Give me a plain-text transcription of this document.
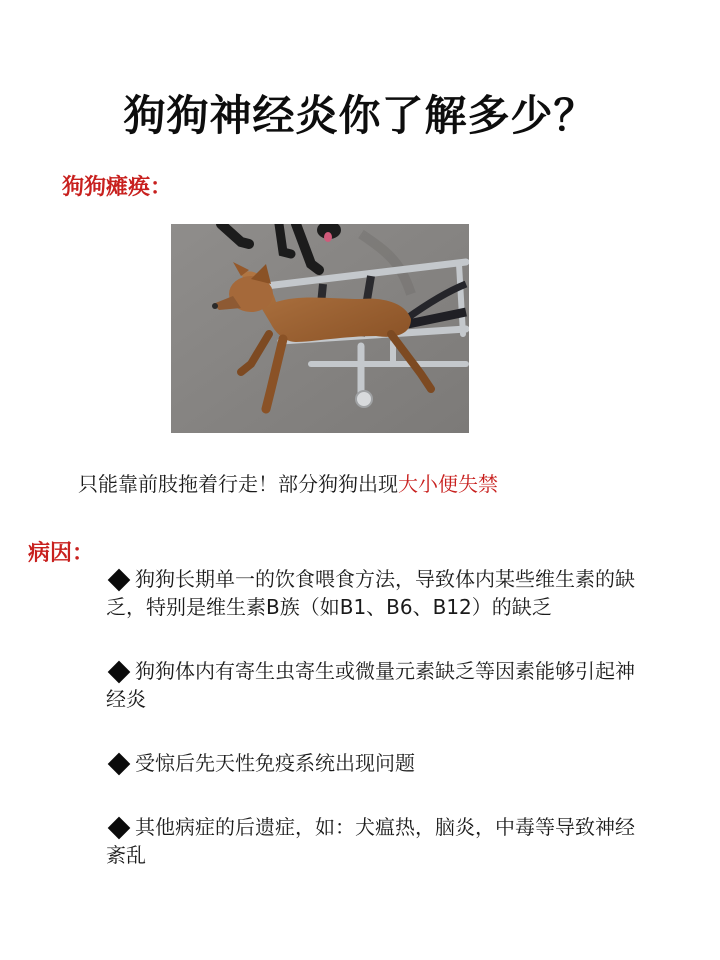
狗狗神经炎你了解多少？
狗狗瘫痪：
只能靠前肢拖着行走！部分狗狗出现大小便失禁
病因：
狗狗长期单一的饮食喂食方法，导致体内某些维生素的缺乏，特别是维生素B族（如B1、B6、B12）的缺乏
狗狗体内有寄生虫寄生或微量元素缺乏等因素能够引起神经炎
受惊后先天性免疫系统出现问题
其他病症的后遗症，如：犬瘟热，脑炎，中毒等导致神经紊乱
